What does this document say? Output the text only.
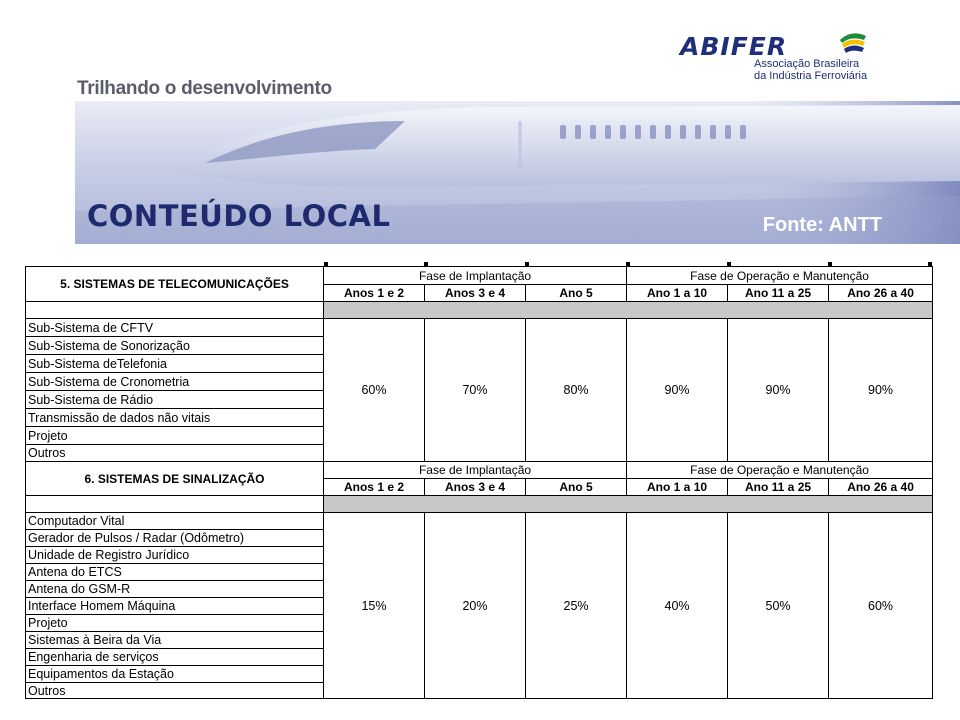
ABIFER
Associação Brasileira
da Indústria Ferroviária
Trilhando o desenvolvimento
CONTEÚDO LOCAL	Fonte: ANTT
5. SISTEMAS DE TELECOMUNICAÇÕES	Fase de Implantação			Fase de Operação e Manutenção		
	Anos 1 e 2	Anos 3 e 4	Ano 5	Ano 1 a 10	Ano 11 a 25	Ano 26 a 40

Sub-Sistema de CFTV	60%	70%	80%	90%	90%	90%
Sub-Sistema de Sonorização						
Sub-Sistema deTelefonia						
Sub-Sistema de Cronometria						
Sub-Sistema de Rádio						
Transmissão de dados não vitais						
Projeto						
Outros						
6. SISTEMAS DE SINALIZAÇÃO	Fase de Implantação			Fase de Operação e Manutenção		
	Anos 1 e 2	Anos 3 e 4	Ano 5	Ano 1 a 10	Ano 11 a 25	Ano 26 a 40

Computador Vital	15%	20%	25%	40%	50%	60%
Gerador de Pulsos / Radar (Odômetro)						
Unidade de Registro Jurídico						
Antena do ETCS						
Antena do GSM-R						
Interface Homem Máquina						
Projeto						
Sistemas à Beira da Via						
Engenharia de serviços						
Equipamentos da Estação						
Outros						
